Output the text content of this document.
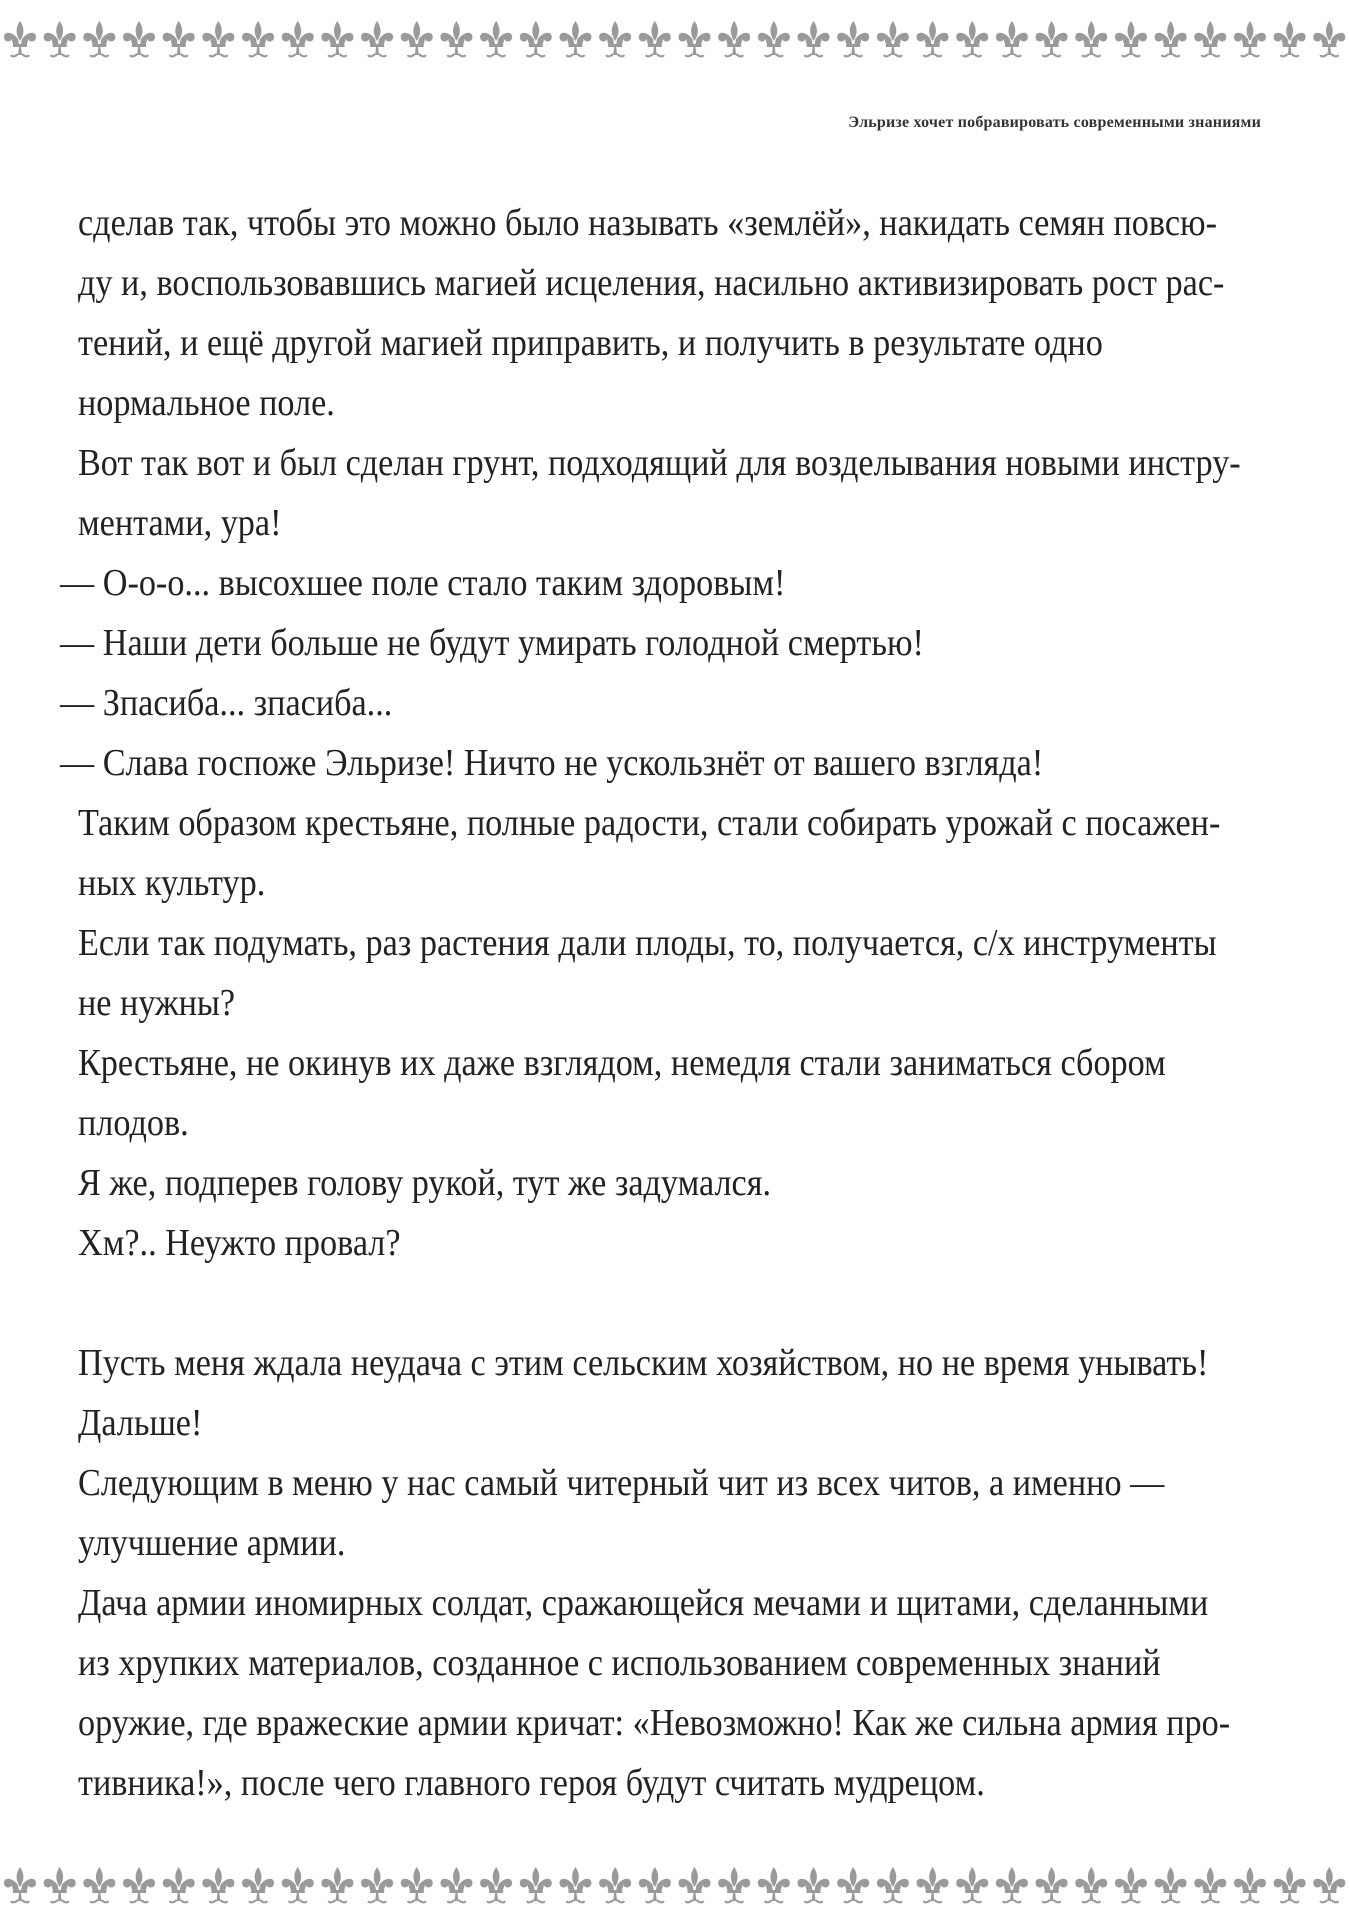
Эльризе хочет побравировать современными знаниями
сделав так, чтобы это можно было называть «землёй», накидать семян повсю-
ду и, воспользовавшись магией исцеления, насильно активизировать рост рас-
тений, и ещё другой магией приправить, и получить в результате одно
нормальное поле.
Вот так вот и был сделан грунт, подходящий для возделывания новыми инстру-
ментами, ура!
— О-о-о... высохшее поле стало таким здоровым!
— Наши дети больше не будут умирать голодной смертью!
— Зпасиба... зпасиба...
— Слава госпоже Эльризе! Ничто не ускользнёт от вашего взгляда!
Таким образом крестьяне, полные радости, стали собирать урожай с посажен-
ных культур.
Если так подумать, раз растения дали плоды, то, получается, с/х инструменты
не нужны?
Крестьяне, не окинув их даже взглядом, немедля стали заниматься сбором
плодов.
Я же, подперев голову рукой, тут же задумался.
Хм?.. Неужто провал?
Пусть меня ждала неудача с этим сельским хозяйством, но не время унывать!
Дальше!
Следующим в меню у нас самый читерный чит из всех читов, а именно —
улучшение армии.
Дача армии иномирных солдат, сражающейся мечами и щитами, сделанными
из хрупких материалов, созданное с использованием современных знаний
оружие, где вражеские армии кричат: «Невозможно! Как же сильна армия про-
тивника!», после чего главного героя будут считать мудрецом.
